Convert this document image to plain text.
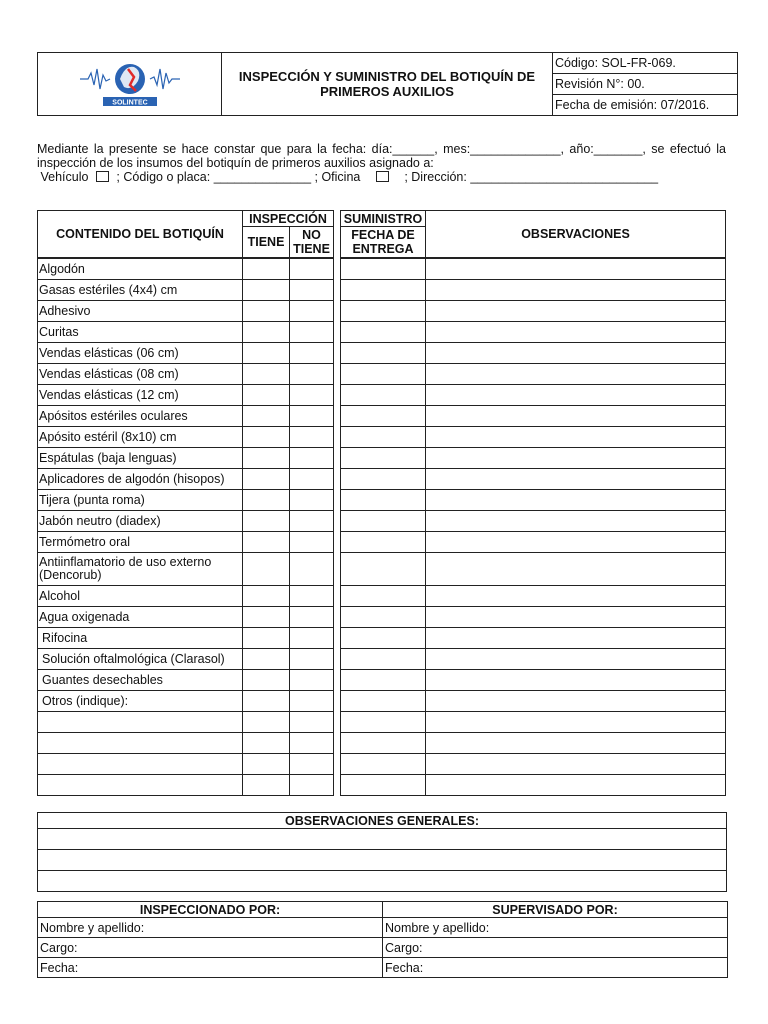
SOLINTEC
	INSPECCIÓN Y SUMINISTRO DEL BOTIQUÍN DE PRIMEROS AUXILIOS	
Código: SOL-FR-069.
Revisión N°: 00.
Fecha de emisión: 07/2016.
Mediante la presente se hace constar que para la fecha: día:______, mes:_____________, año:_______, se efectuó la
inspección de los insumos del botiquín de primeros auxilios asignado a:
Vehículo ; Código o placa: ______________ ; Oficina	; Dirección: ___________________________
CONTENIDO DEL BOTIQUÍN	INSPECCIÓN			SUMINISTRO	OBSERVACIONES
	TIENE	NO TIENE		FECHA DE ENTREGA	
Algodón					
Gasas estériles (4x4) cm					
Adhesivo					
Curitas					
Vendas elásticas (06 cm)					
Vendas elásticas (08 cm)					
Vendas elásticas (12 cm)					
Apósitos estériles oculares					
Apósito estéril (8x10) cm					
Espátulas (baja lenguas)					
Aplicadores de algodón (hisopos)					
Tijera (punta roma)					
Jabón neutro (diadex)					
Termómetro oral					
Antiinflamatorio de uso externo (Dencorub)					
Alcohol					
Agua oxigenada					
Rifocina					
Solución oftalmológica (Clarasol)					
Guantes desechables					
Otros (indique):					

OBSERVACIONES GENERALES:

INSPECCIONADO POR:	SUPERVISADO POR:
Nombre y apellido:	Nombre y apellido:
Cargo:	Cargo:
Fecha:	Fecha:
